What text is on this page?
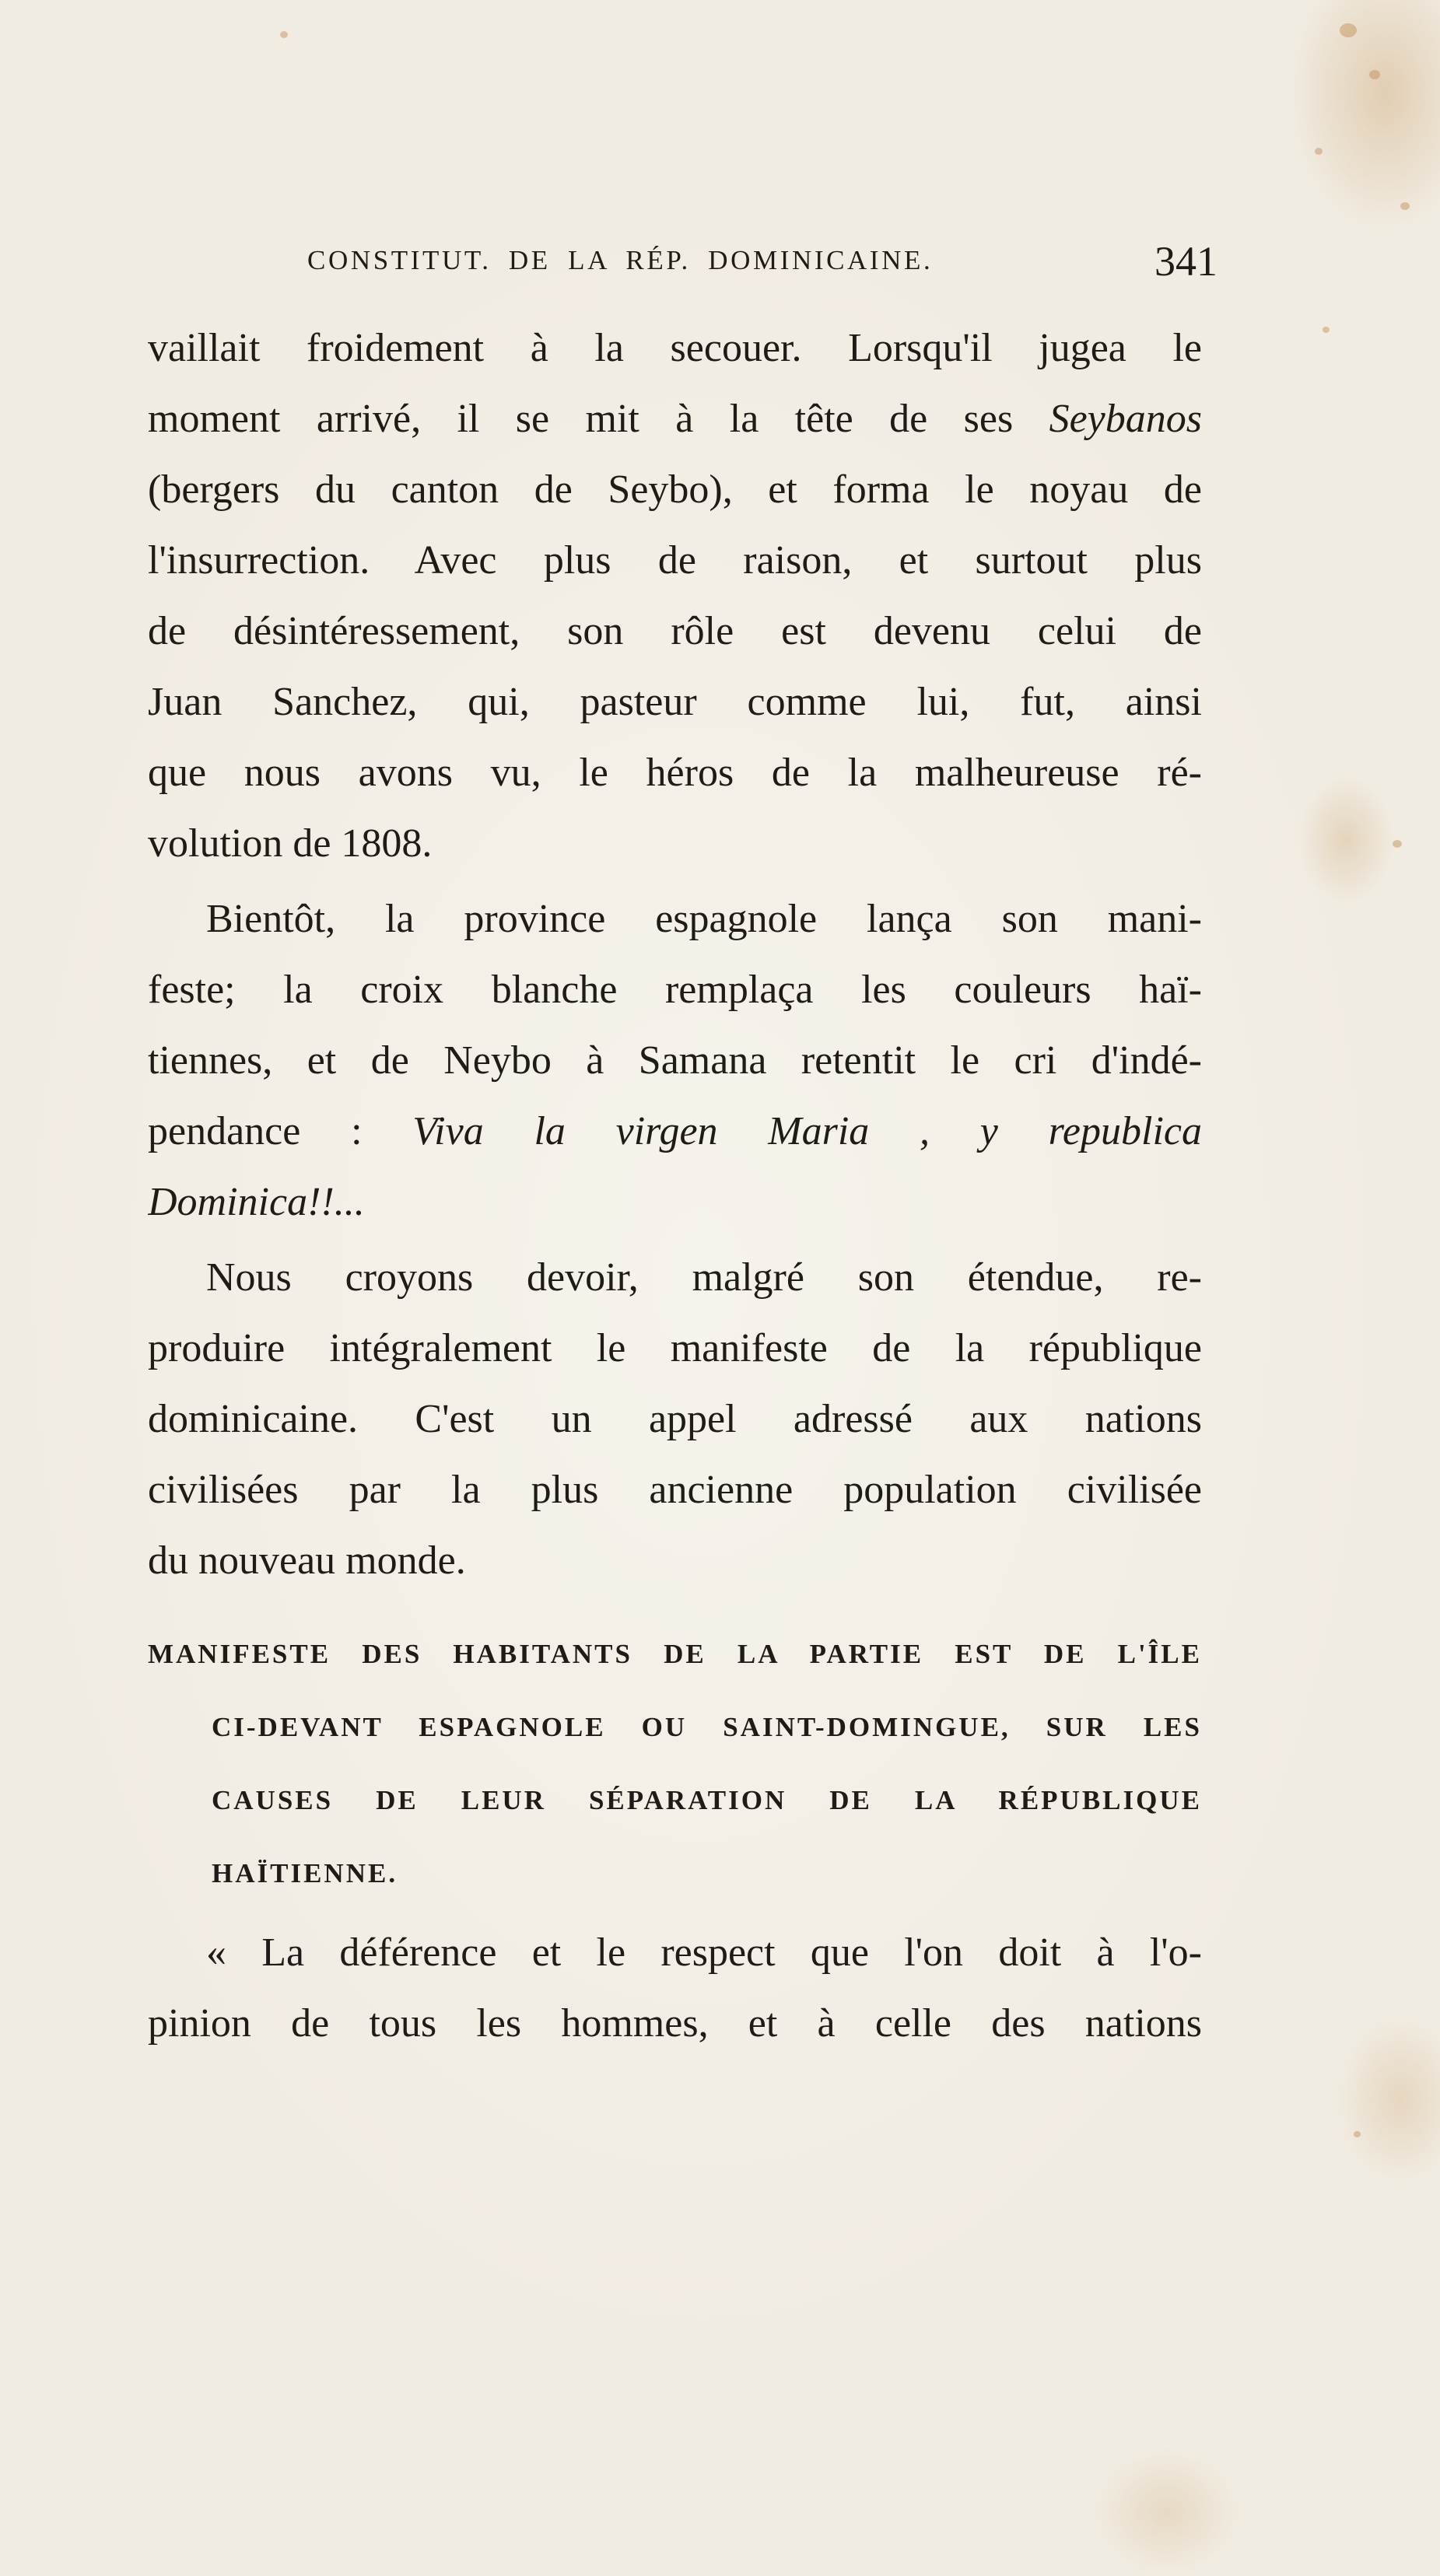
CONSTITUT. DE LA RÉP. DOMINICAINE.	341
vaillait froidement à la secouer. Lorsqu'il jugea le
moment arrivé, il se mit à la tête de ses Seybanos
(bergers du canton de Seybo), et forma le noyau de
l'insurrection. Avec plus de raison, et surtout plus
de désintéressement, son rôle est devenu celui de
Juan Sanchez, qui, pasteur comme lui, fut, ainsi
que nous avons vu, le héros de la malheureuse ré-
volution de 1808.
Bientôt, la province espagnole lança son mani-
feste; la croix blanche remplaça les couleurs haï-
tiennes, et de Neybo à Samana retentit le cri d'indé-
pendance : Viva la virgen Maria , y republica
Dominica!!...
Nous croyons devoir, malgré son étendue, re-
produire intégralement le manifeste de la république
dominicaine. C'est un appel adressé aux nations
civilisées par la plus ancienne population civilisée
du nouveau monde.
MANIFESTE DES HABITANTS DE LA PARTIE EST DE L'ÎLE
CI-DEVANT ESPAGNOLE OU SAINT-DOMINGUE, SUR LES
CAUSES DE LEUR SÉPARATION DE LA RÉPUBLIQUE
HAÏTIENNE.
« La déférence et le respect que l'on doit à l'o-
pinion de tous les hommes, et à celle des nations
